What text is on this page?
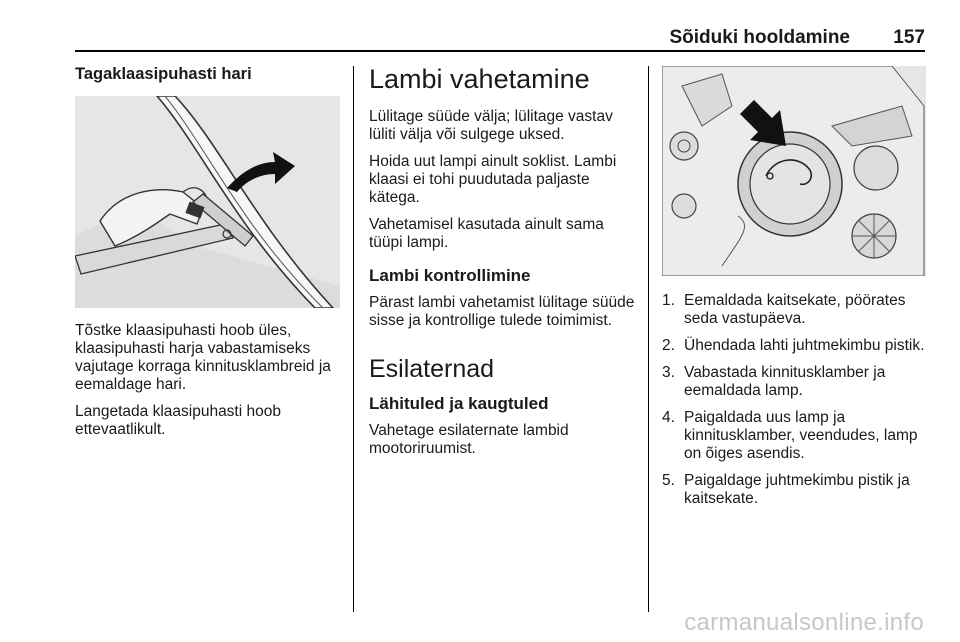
Sõiduki hooldamine 157
Tagaklaasipuhasti hari

Tõstke klaasipuhasti hoob üles, klaasipuhasti harja vabastamiseks vajutage korraga kinnitusklambreid ja eemaldage hari.

Langetada klaasipuhasti hoob ettevaatlikult.

Lambi vahetamine

Lülitage süüde välja; lülitage vastav lüliti välja või sulgege uksed.

Hoida uut lampi ainult soklist. Lambi klaasi ei tohi puudutada paljaste kätega.

Vahetamisel kasutada ainult sama tüüpi lampi.

Lambi kontrollimine

Pärast lambi vahetamist lülitage süüde sisse ja kontrollige tulede toimimist.

Esilaternad
Lähituled ja kaugtuled

Vahetage esilaternate lambid mootoriruumist.

1. Eemaldada kaitsekate, pöörates seda vastupäeva.
2. Ühendada lahti juhtmekimbu pistik.
3. Vabastada kinnitusklamber ja eemaldada lamp.
4. Paigaldada uus lamp ja kinnitusklamber, veendudes, lamp on õiges asendis.
5. Paigaldage juhtmekimbu pistik ja kaitsekate.
carmanualsonline.info
